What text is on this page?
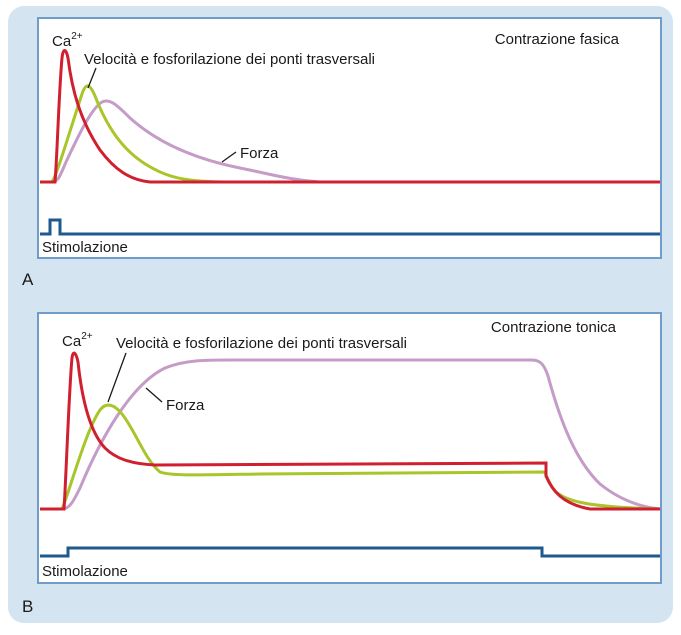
Contrazione fasica
$Ca^{2+}$
Velocità e fosforilazione dei ponti trasversali
Forza
Stimolazione
A
Contrazione tonica
$Ca^{2+}$ Velocità e fosforilazione dei ponti trasversali
Forza
Stimolazione
B
